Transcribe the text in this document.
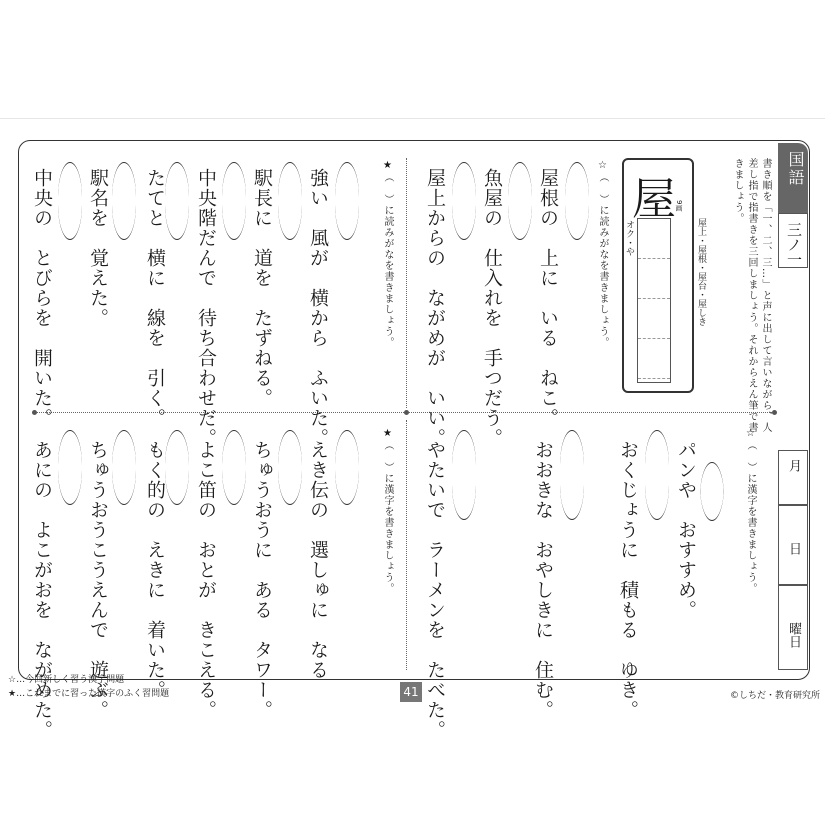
国語
三ノ一
月
日
曜日
書き順を「一、二、三…」と声に出して言いながら、人
差し指で指書きを三回しましょう。それからえん筆で書
きましょう。
屋 9画
屋上・屋根・屋台・屋しき
オク・や
☆（　）に読みがなを書きましょう。
屋根の　上に　いる　ねこ。
魚屋の　仕入れを　手つだう。
屋上からの　ながめが　いい。
★（　）に読みがなを書きましょう。
強い　風が　横から　ふいた。
駅長に　道を　たずねる。
中央階だんで　待ち合わせだ。
たてと　横に　線を　引く。
駅名を　覚えた。
中央の　とびらを　開いた。
☆（　）に漢字を書きましょう。
パンや　おすすめ。
おくじょうに　積もる　ゆき。
おおきな　おやしきに　住む。
やたいで　ラーメンを　たべた。
★（　）に漢字を書きましょう。
えき伝の　選しゅに　なる
ちゅうおうに　ある　タワー。
よこ笛の　おとが　きこえる。
もく的の　えきに　着いた。
ちゅうおうこうえんで　遊ぶ。
あにの　よこがおを　ながめた。
☆…今回新しく習う漢字問題
★…これまでに習った漢字のふく習問題	41	©しちだ・教育研究所
